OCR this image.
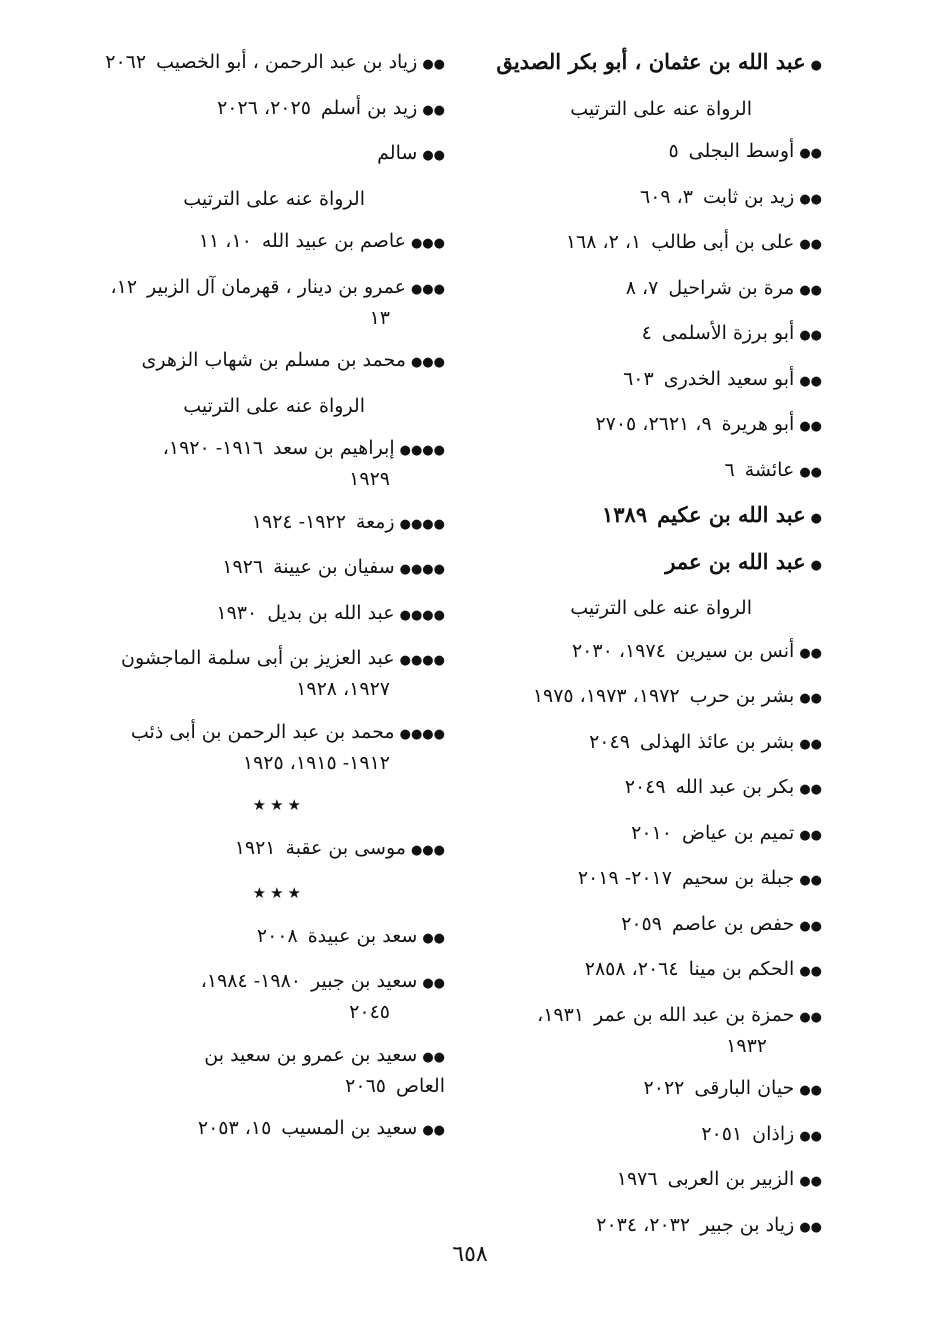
●عبد الله بن عثمان ، أبو بكر الصديق
الرواة عنه على الترتيب
●●أوسط البجلى٥
●●زيد بن ثابت٣، ٦٠٩
●●على بن أبى طالب١، ٢، ١٦٨
●●مرة بن شراحيل٧، ٨
●●أبو برزة الأسلمى٤
●●أبو سعيد الخدرى٦٠٣
●●أبو هريرة٩، ٢٦٢١، ٢٧٠٥
●●عائشة٦
●عبد الله بن عكيم١٣٨٩
●عبد الله بن عمر
الرواة عنه على الترتيب
●●أنس بن سيرين١٩٧٤، ٢٠٣٠
●●بشر بن حرب١٩٧٢، ١٩٧٣، ١٩٧٥
●●بشر بن عائذ الهذلى٢٠٤٩
●●بكر بن عبد الله٢٠٤٩
●●تميم بن عياض٢٠١٠
●●جبلة بن سحيم٢٠١٧- ٢٠١٩
●●حفص بن عاصم٢٠٥٩
●●الحكم بن مينا٢٠٦٤، ٢٨٥٨
●●حمزة بن عبد الله بن عمر١٩٣١،
١٩٣٢
●●حيان البارقى٢٠٢٢
●●زاذان٢٠٥١
●●الزبير بن العربى١٩٧٦
●●زياد بن جبير٢٠٣٢، ٢٠٣٤
●●زياد بن عبد الرحمن ، أبو الخصيب٢٠٦٢
●●زيد بن أسلم٢٠٢٥، ٢٠٢٦
●●سالم
الرواة عنه على الترتيب
●●●عاصم بن عبيد الله١٠، ١١
●●●عمرو بن دينار ، قهرمان آل الزبير١٢،
١٣
●●●محمد بن مسلم بن شهاب الزهرى
الرواة عنه على الترتيب
●●●●إبراهيم بن سعد١٩١٦- ١٩٢٠،
١٩٢٩
●●●●زمعة١٩٢٢- ١٩٢٤
●●●●سفيان بن عيينة١٩٢٦
●●●●عبد الله بن بديل١٩٣٠
●●●●عبد العزيز بن أبى سلمة الماجشون
١٩٢٧، ١٩٢٨
●●●●محمد بن عبد الرحمن بن أبى ذئب
١٩١٢- ١٩١٥، ١٩٢٥
★★★
●●●موسى بن عقبة١٩٢١
★★★
●●سعد بن عبيدة٢٠٠٨
●●سعيد بن جبير١٩٨٠- ١٩٨٤،
٢٠٤٥
●●سعيد بن عمرو بن سعيد بن العاص٢٠٦٥
●●سعيد بن المسيب١٥، ٢٠٥٣
٦٥٨
